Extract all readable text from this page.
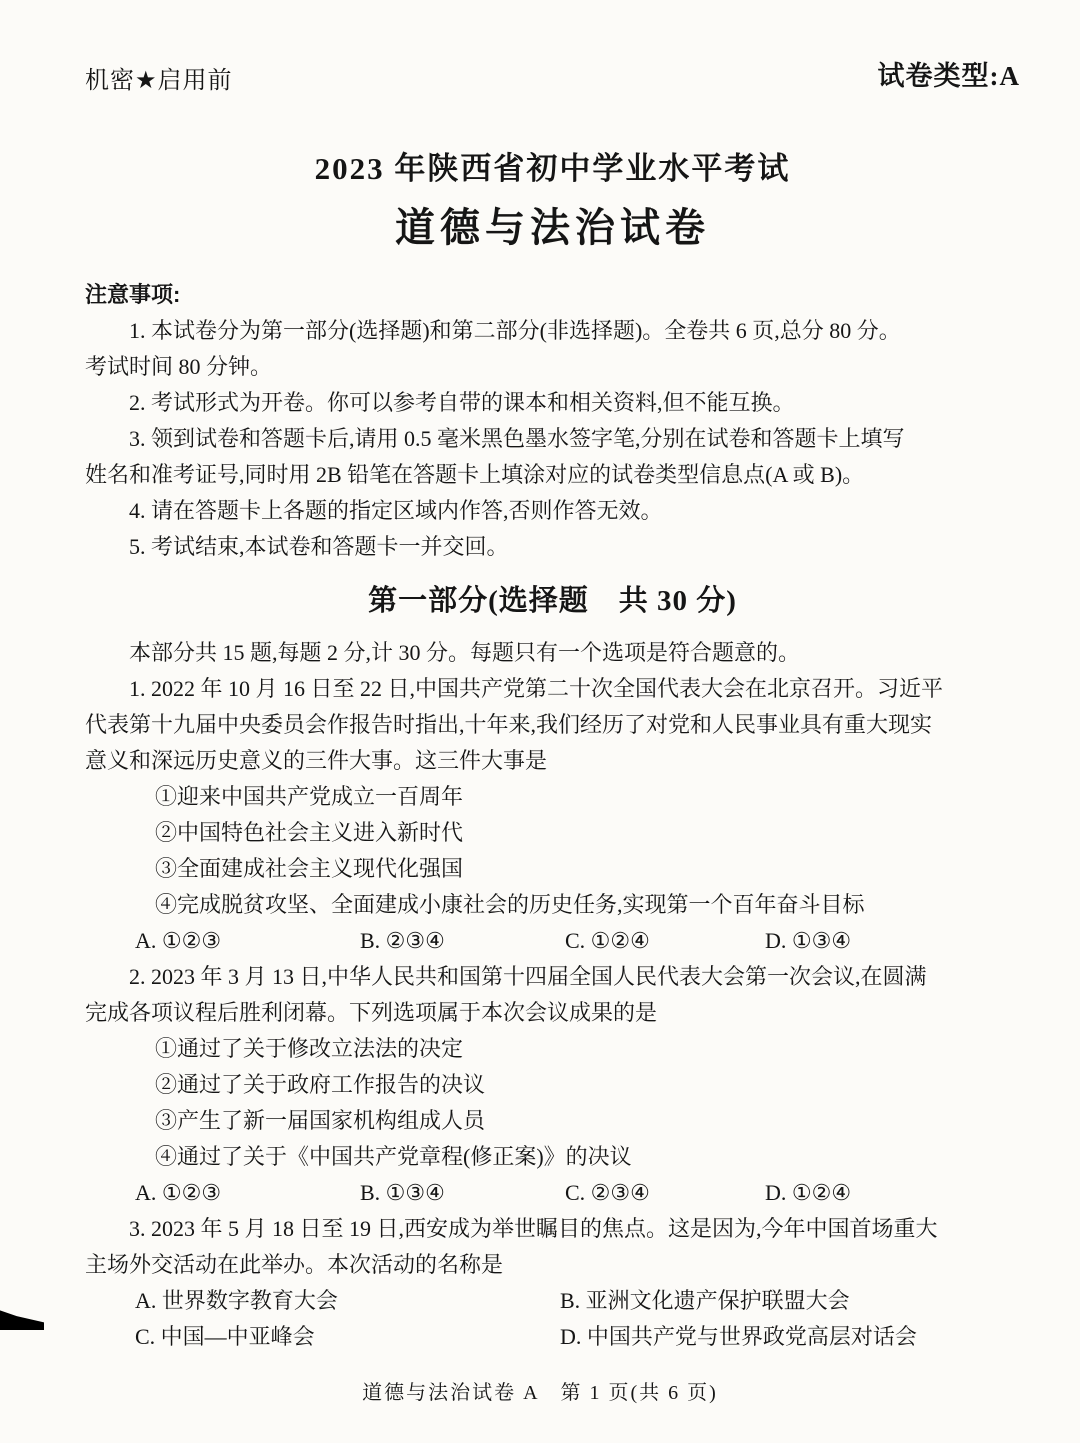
机密★启用前	试卷类型:A
2023 年陕西省初中学业水平考试
道德与法治试卷
注意事项:
1. 本试卷分为第一部分(选择题)和第二部分(非选择题)。全卷共 6 页,总分 80 分。
考试时间 80 分钟。
2. 考试形式为开卷。你可以参考自带的课本和相关资料,但不能互换。
3. 领到试卷和答题卡后,请用 0.5 毫米黑色墨水签字笔,分别在试卷和答题卡上填写
姓名和准考证号,同时用 2B 铅笔在答题卡上填涂对应的试卷类型信息点(A 或 B)。
4. 请在答题卡上各题的指定区域内作答,否则作答无效。
5. 考试结束,本试卷和答题卡一并交回。
第一部分(选择题　共 30 分)
本部分共 15 题,每题 2 分,计 30 分。每题只有一个选项是符合题意的。
1. 2022 年 10 月 16 日至 22 日,中国共产党第二十次全国代表大会在北京召开。习近平
代表第十九届中央委员会作报告时指出,十年来,我们经历了对党和人民事业具有重大现实
意义和深远历史意义的三件大事。这三件大事是
①迎来中国共产党成立一百周年
②中国特色社会主义进入新时代
③全面建成社会主义现代化强国
④完成脱贫攻坚、全面建成小康社会的历史任务,实现第一个百年奋斗目标
A. ①②③	B. ②③④	C. ①②④	D. ①③④
2. 2023 年 3 月 13 日,中华人民共和国第十四届全国人民代表大会第一次会议,在圆满
完成各项议程后胜利闭幕。下列选项属于本次会议成果的是
①通过了关于修改立法法的决定
②通过了关于政府工作报告的决议
③产生了新一届国家机构组成人员
④通过了关于《中国共产党章程(修正案)》的决议
A. ①②③	B. ①③④	C. ②③④	D. ①②④
3. 2023 年 5 月 18 日至 19 日,西安成为举世瞩目的焦点。这是因为,今年中国首场重大
主场外交活动在此举办。本次活动的名称是
A. 世界数字教育大会	B. 亚洲文化遗产保护联盟大会
C. 中国—中亚峰会	D. 中国共产党与世界政党高层对话会
道德与法治试卷 A　第 1 页(共 6 页)
